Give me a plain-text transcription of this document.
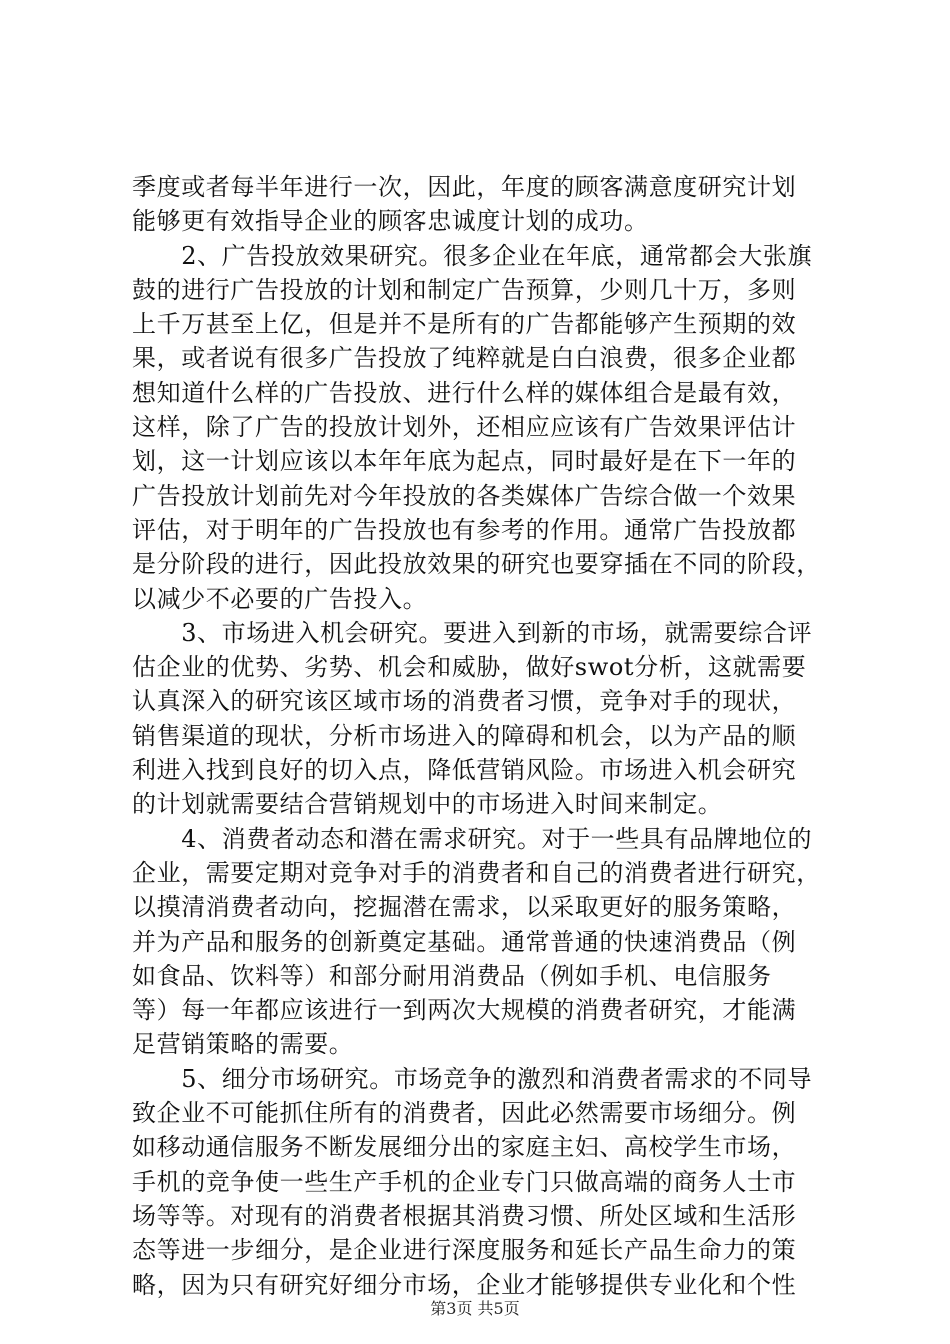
季度或者每半年进行一次，因此，年度的顾客满意度研究计划
能够更有效指导企业的顾客忠诚度计划的成功。
　　2、广告投放效果研究。很多企业在年底，通常都会大张旗
鼓的进行广告投放的计划和制定广告预算，少则几十万，多则
上千万甚至上亿，但是并不是所有的广告都能够产生预期的效
果，或者说有很多广告投放了纯粹就是白白浪费，很多企业都
想知道什么样的广告投放、进行什么样的媒体组合是最有效，
这样，除了广告的投放计划外，还相应应该有广告效果评估计
划，这一计划应该以本年年底为起点，同时最好是在下一年的
广告投放计划前先对今年投放的各类媒体广告综合做一个效果
评估，对于明年的广告投放也有参考的作用。通常广告投放都
是分阶段的进行，因此投放效果的研究也要穿插在不同的阶段，
以减少不必要的广告投入。
　　3、市场进入机会研究。要进入到新的市场，就需要综合评
估企业的优势、劣势、机会和威胁，做好swot分析，这就需要
认真深入的研究该区域市场的消费者习惯，竞争对手的现状，
销售渠道的现状，分析市场进入的障碍和机会，以为产品的顺
利进入找到良好的切入点，降低营销风险。市场进入机会研究
的计划就需要结合营销规划中的市场进入时间来制定。
　　4、消费者动态和潜在需求研究。对于一些具有品牌地位的
企业，需要定期对竞争对手的消费者和自己的消费者进行研究，
以摸清消费者动向，挖掘潜在需求，以采取更好的服务策略，
并为产品和服务的创新奠定基础。通常普通的快速消费品（例
如食品、饮料等）和部分耐用消费品（例如手机、电信服务
等）每一年都应该进行一到两次大规模的消费者研究，才能满
足营销策略的需要。
　　5、细分市场研究。市场竞争的激烈和消费者需求的不同导
致企业不可能抓住所有的消费者，因此必然需要市场细分。例
如移动通信服务不断发展细分出的家庭主妇、高校学生市场，
手机的竞争使一些生产手机的企业专门只做高端的商务人士市
场等等。对现有的消费者根据其消费习惯、所处区域和生活形
态等进一步细分，是企业进行深度服务和延长产品生命力的策
略，因为只有研究好细分市场，企业才能够提供专业化和个性
第3页 共5页
